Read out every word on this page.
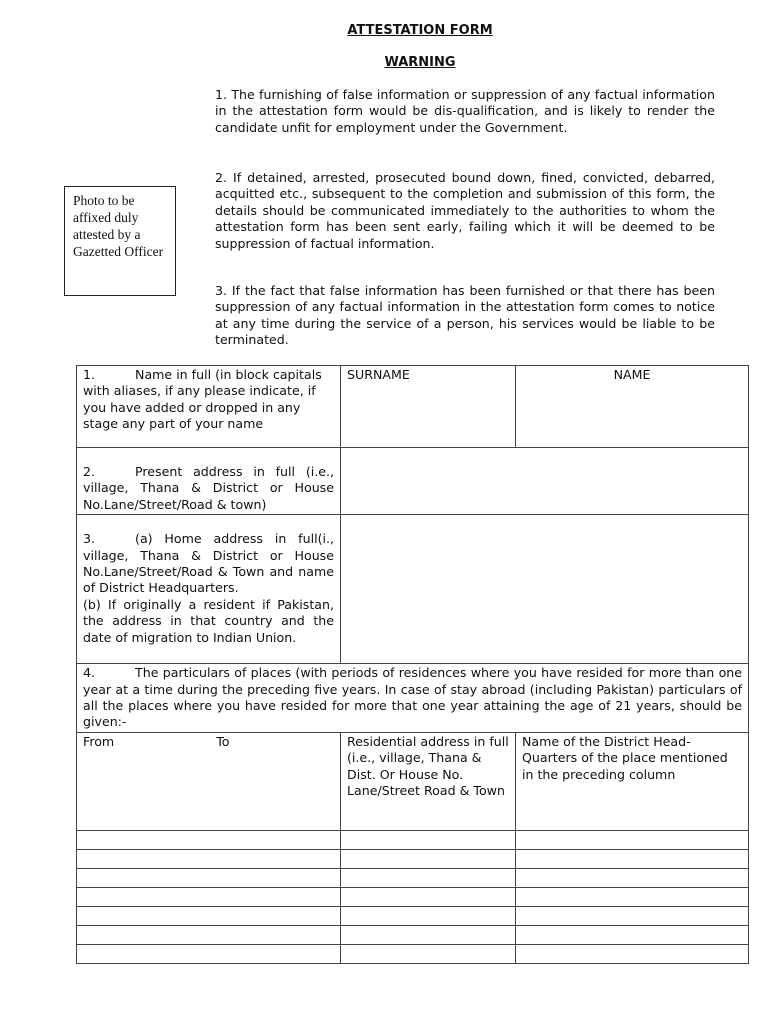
ATTESTATION FORM
WARNING
1. The furnishing of false information or suppression of any factual information in the attestation form would be dis-qualification, and is likely to render the candidate unfit for employment under the Government.
2. If detained, arrested, prosecuted bound down, fined, convicted, debarred, acquitted etc., subsequent to the completion and submission of this form, the details should be communicated immediately to the authorities to whom the attestation form has been sent early, failing which it will be deemed to be suppression of factual information.
3. If the fact that false information has been furnished or that there has been suppression of any factual information in the attestation form comes to notice at any time during the service of a person, his services would be liable to be terminated.
Photo to be affixed duly attested by a Gazetted Officer
1. Name in full (in block capitals with aliases, if any please indicate, if you have added or dropped in any stage any part of your name	SURNAME	NAME
2. Present address in full (i.e., village, Thana & District or House No.Lane/Street/Road & town)		
3. (a) Home address in full(i., village, Thana & District or House No.Lane/Street/Road & Town and name of District Headquarters.
(b) If originally a resident if Pakistan, the address in that country and the date of migration to Indian Union.		
4. The particulars of places (with periods of residences where you have resided for more than one year at a time during the preceding five years. In case of stay abroad (including Pakistan) particulars of all the places where you have resided for more that one year attaining the age of 21 years, should be given:-		
From To	Residential address in full (i.e., village, Thana & Dist. Or House No. Lane/Street Road & Town	Name of the District Head-Quarters of the place mentioned in the preceding column
